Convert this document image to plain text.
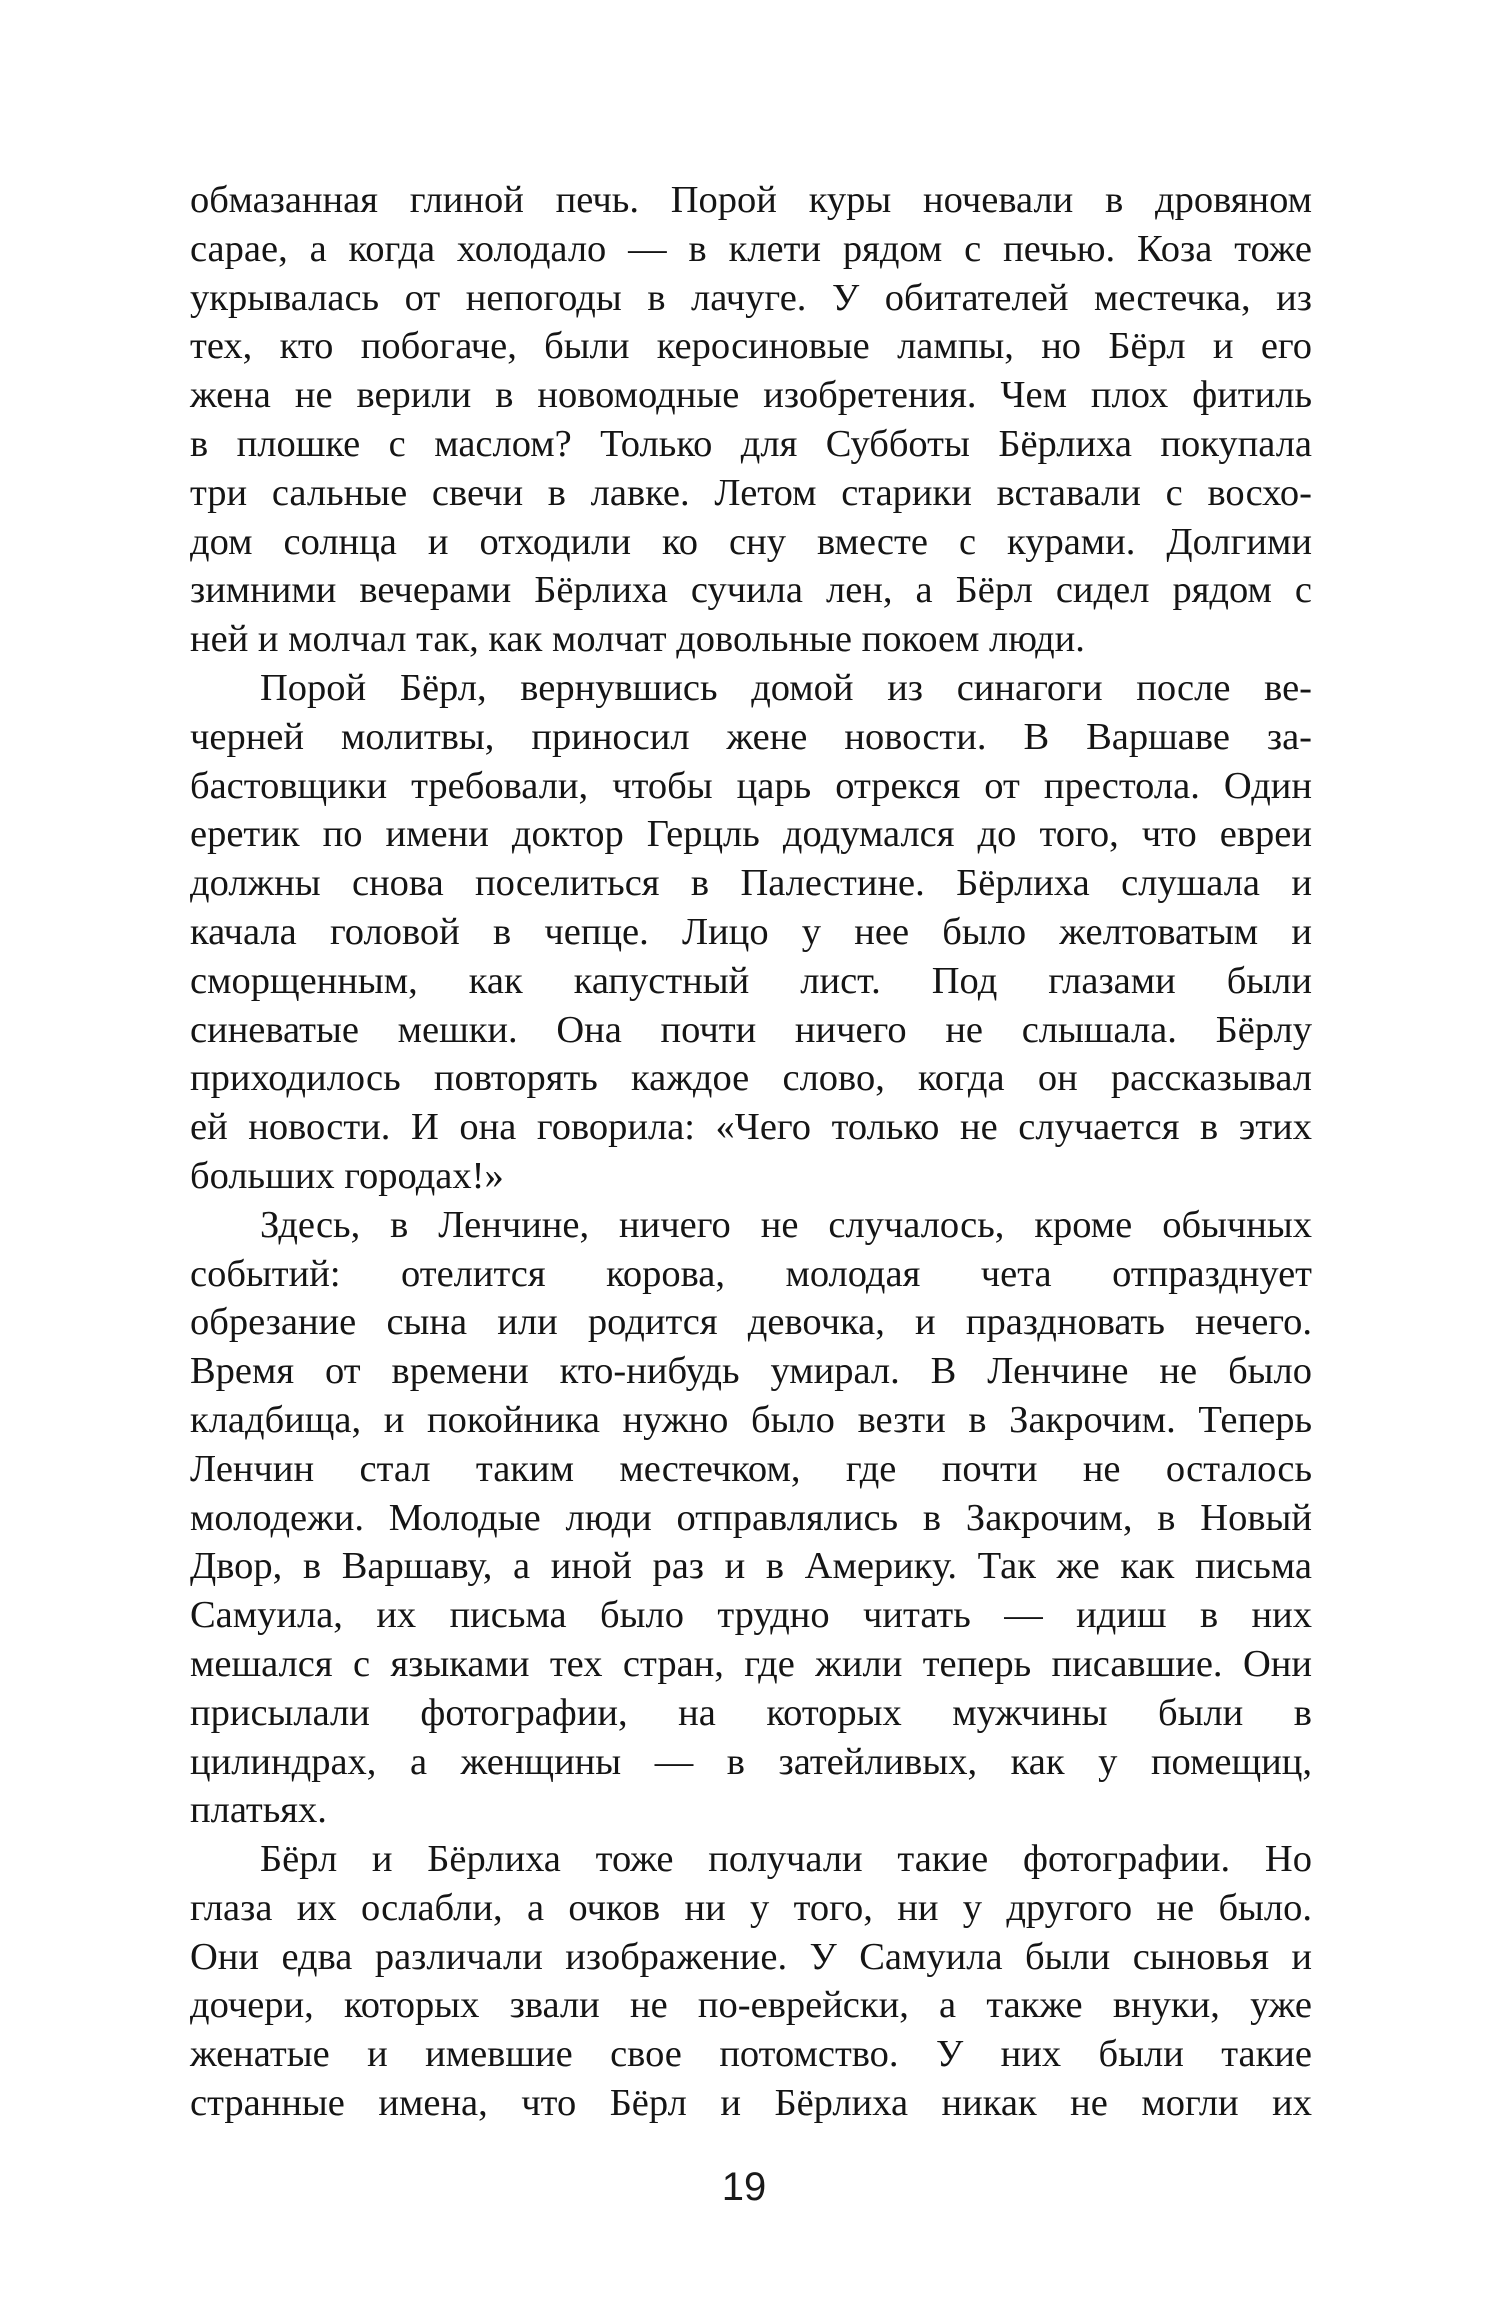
обмазанная глиной печь. Порой куры ночевали в дровяном
сарае, а когда холодало — в клети рядом с печью. Коза тоже
укрывалась от непогоды в лачуге. У обитателей местечка, из
тех, кто побогаче, были керосиновые лампы, но Бёрл и его
жена не верили в новомодные изобретения. Чем плох фитиль
в плошке с маслом? Только для Субботы Бёрлиха покупала
три сальные свечи в лавке. Летом старики вставали с восхо-
дом солнца и отходили ко сну вместе с курами. Долгими
зимними вечерами Бёрлиха сучила лен, а Бёрл сидел рядом с
ней и молчал так, как молчат довольные покоем люди.
Порой Бёрл, вернувшись домой из синагоги после ве-
черней молитвы, приносил жене новости. В Варшаве за-
бастовщики требовали, чтобы царь отрекся от престола. Один
еретик по имени доктор Герцль додумался до того, что евреи
должны снова поселиться в Палестине. Бёрлиха слушала и
качала головой в чепце. Лицо у нее было желтоватым и
сморщенным, как капустный лист. Под глазами были
синеватые мешки. Она почти ничего не слышала. Бёрлу
приходилось повторять каждое слово, когда он рассказывал
ей новости. И она говорила: «Чего только не случается в этих
больших городах!»
Здесь, в Ленчине, ничего не случалось, кроме обычных
событий: отелится корова, молодая чета отпразднует
обрезание сына или родится девочка, и праздновать нечего.
Время от времени кто-нибудь умирал. В Ленчине не было
кладбища, и покойника нужно было везти в Закрочим. Теперь
Ленчин стал таким местечком, где почти не осталось
молодежи. Молодые люди отправлялись в Закрочим, в Новый
Двор, в Варшаву, а иной раз и в Америку. Так же как письма
Самуила, их письма было трудно читать — идиш в них
мешался с языками тех стран, где жили теперь писавшие. Они
присылали фотографии, на которых мужчины были в
цилиндрах, а женщины — в затейливых, как у помещиц,
платьях.
Бёрл и Бёрлиха тоже получали такие фотографии. Но
глаза их ослабли, а очков ни у того, ни у другого не было.
Они едва различали изображение. У Самуила были сыновья и
дочери, которых звали не по-еврейски, а также внуки, уже
женатые и имевшие свое потомство. У них были такие
странные имена, что Бёрл и Бёрлиха никак не могли их
19
